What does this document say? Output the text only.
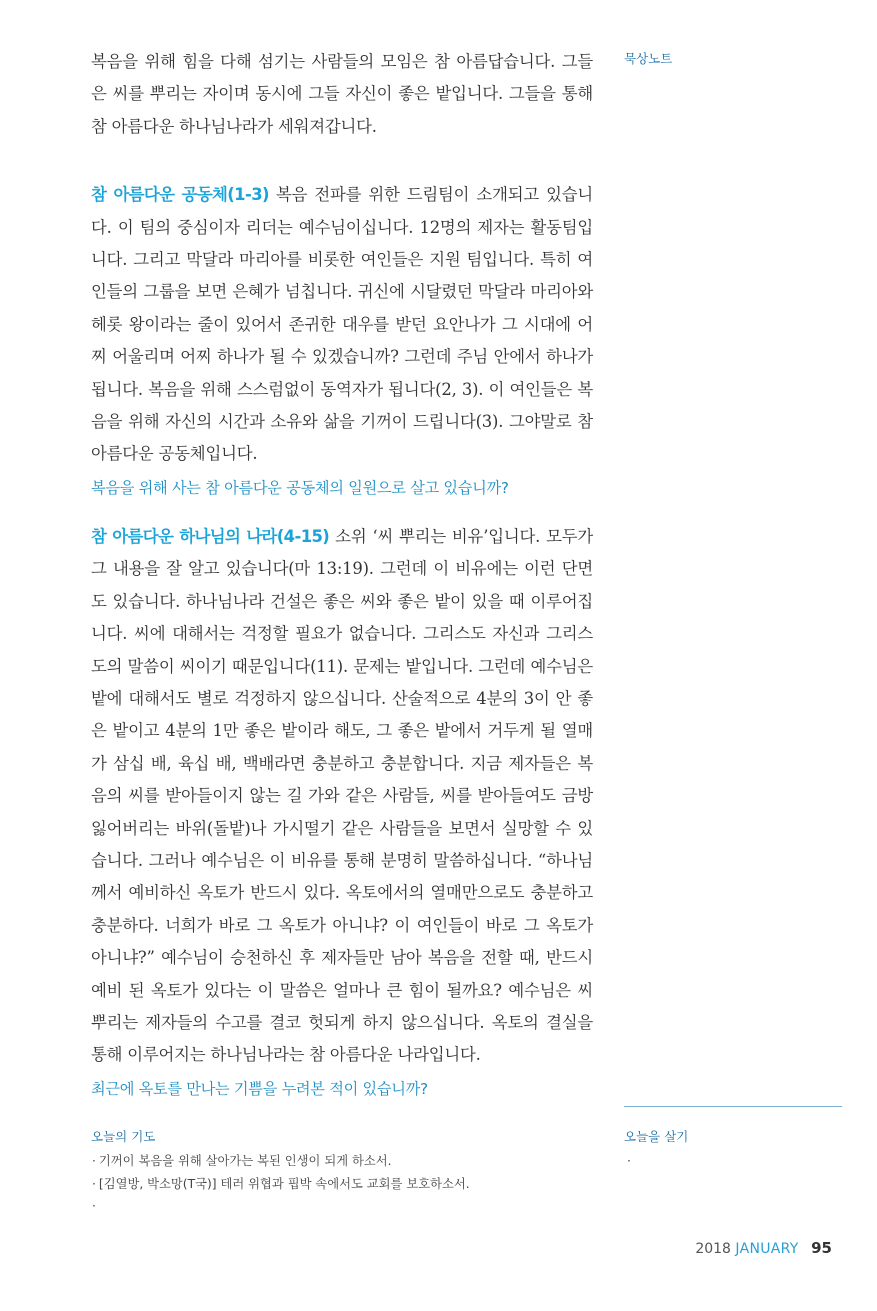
복음을 위해 힘을 다해 섬기는 사람들의 모임은 참 아름답습니다. 그들은 씨를 뿌리는 자이며 동시에 그들 자신이 좋은 밭입니다. 그들을 통해 참 아름다운 하나님나라가 세워져갑니다.

참 아름다운 공동체(1-3) 복음 전파를 위한 드림팀이 소개되고 있습니다. 이 팀의 중심이자 리더는 예수님이십니다. 12명의 제자는 활동팀입니다. 그리고 막달라 마리아를 비롯한 여인들은 지원 팀입니다. 특히 여인들의 그룹을 보면 은혜가 넘칩니다. 귀신에 시달렸던 막달라 마리아와 헤롯 왕이라는 줄이 있어서 존귀한 대우를 받던 요안나가 그 시대에 어찌 어울리며 어찌 하나가 될 수 있겠습니까? 그런데 주님 안에서 하나가 됩니다. 복음을 위해 스스럼없이 동역자가 됩니다(2, 3). 이 여인들은 복음을 위해 자신의 시간과 소유와 삶을 기꺼이 드립니다(3). 그야말로 참 아름다운 공동체입니다.

복음을 위해 사는 참 아름다운 공동체의 일원으로 살고 있습니까?

참 아름다운 하나님의 나라(4-15) 소위 ‘씨 뿌리는 비유’입니다. 모두가 그 내용을 잘 알고 있습니다(마 13:19). 그런데 이 비유에는 이런 단면도 있습니다. 하나님나라 건설은 좋은 씨와 좋은 밭이 있을 때 이루어집니다. 씨에 대해서는 걱정할 필요가 없습니다. 그리스도 자신과 그리스도의 말씀이 씨이기 때문입니다(11). 문제는 밭입니다. 그런데 예수님은 밭에 대해서도 별로 걱정하지 않으십니다. 산술적으로 4분의 3이 안 좋은 밭이고 4분의 1만 좋은 밭이라 해도, 그 좋은 밭에서 거두게 될 열매가 삼십 배, 육십 배, 백배라면 충분하고 충분합니다. 지금 제자들은 복음의 씨를 받아들이지 않는 길 가와 같은 사람들, 씨를 받아들여도 금방 잃어버리는 바위(돌밭)나 가시떨기 같은 사람들을 보면서 실망할 수 있습니다. 그러나 예수님은 이 비유를 통해 분명히 말씀하십니다. “하나님께서 예비하신 옥토가 반드시 있다. 옥토에서의 열매만으로도 충분하고 충분하다. 너희가 바로 그 옥토가 아니냐? 이 여인들이 바로 그 옥토가 아니냐?” 예수님이 승천하신 후 제자들만 남아 복음을 전할 때, 반드시 예비 된 옥토가 있다는 이 말씀은 얼마나 큰 힘이 될까요? 예수님은 씨 뿌리는 제자들의 수고를 결코 헛되게 하지 않으십니다. 옥토의 결실을 통해 이루어지는 하나님나라는 참 아름다운 나라입니다.

최근에 옥토를 만나는 기쁨을 누려본 적이 있습니까?

묵상노트
오늘의 기도
· 기꺼이 복음을 위해 살아가는 복된 인생이 되게 하소서.
· [김열방, 박소망(T국)] 테러 위협과 핍박 속에서도 교회를 보호하소서.
·
오늘을 살기
·
2018 JANUARY 95
